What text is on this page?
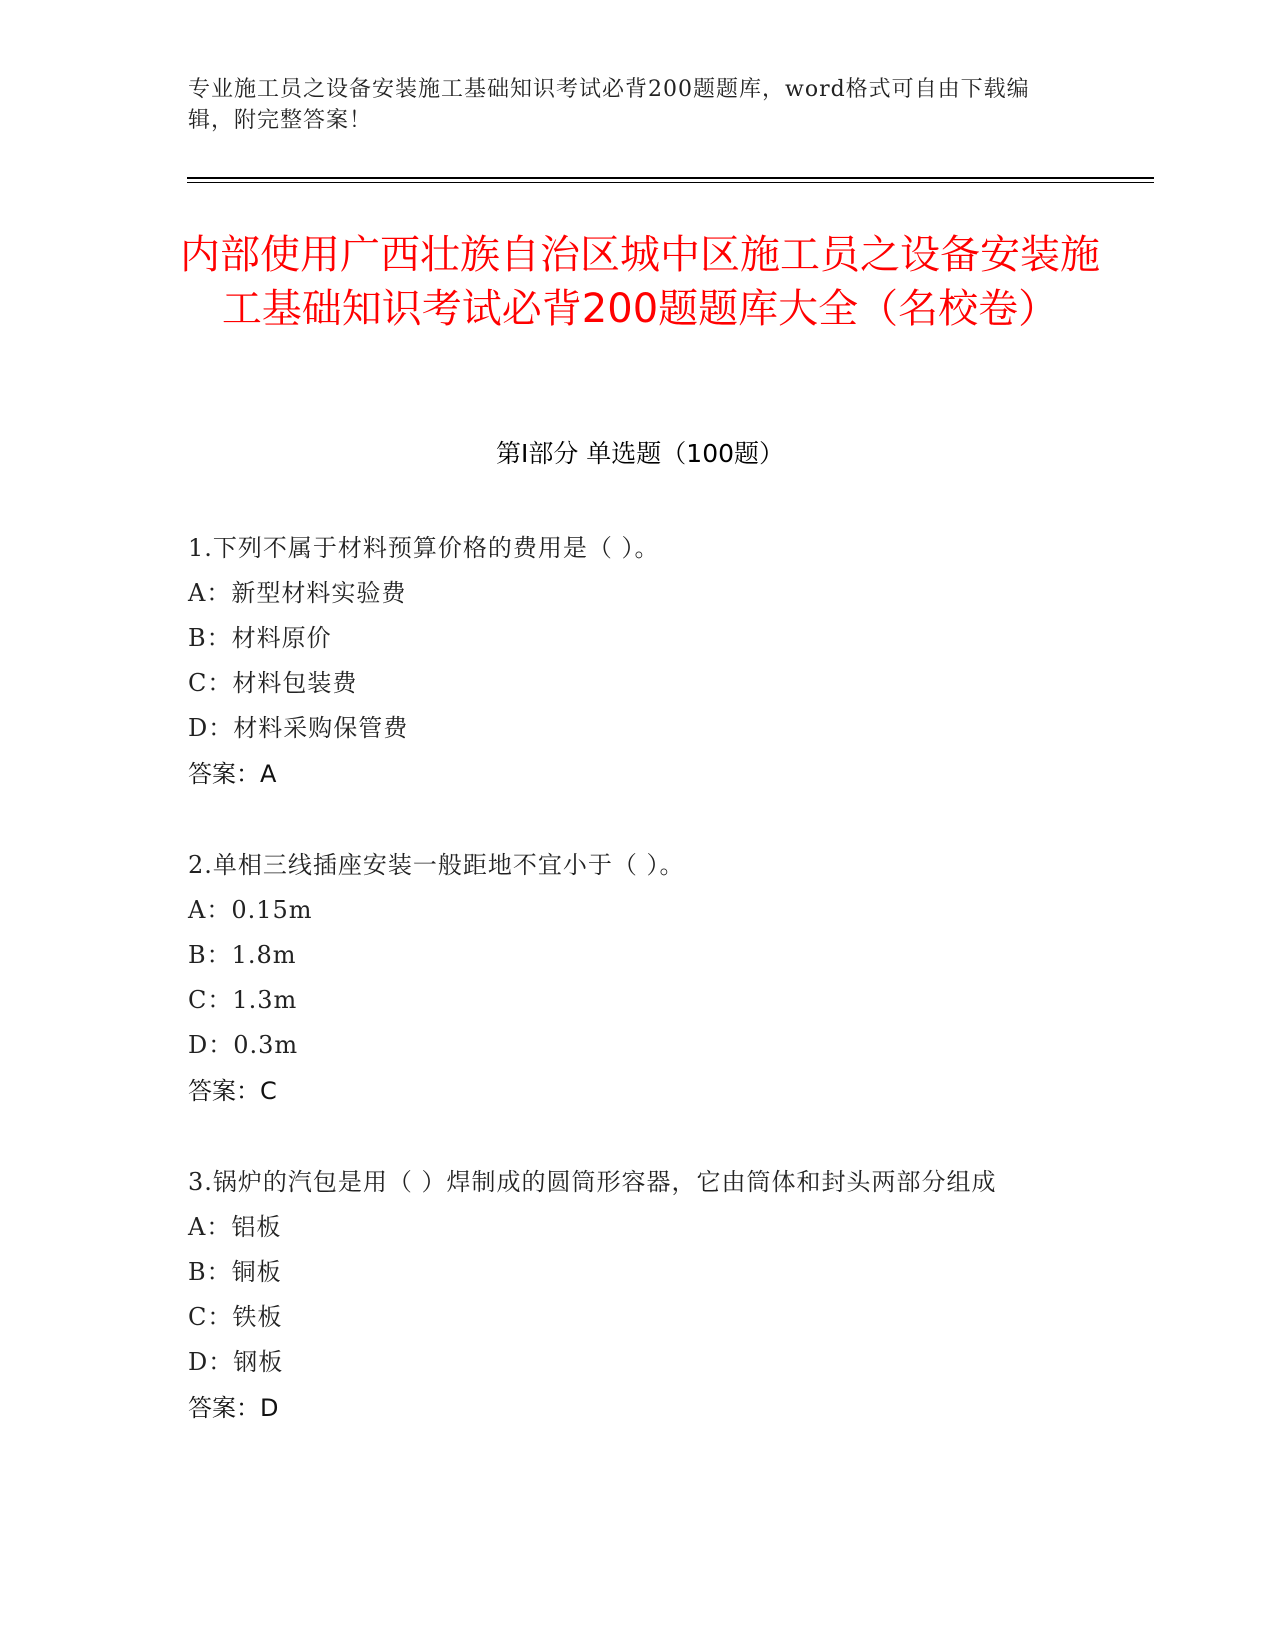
专业施工员之设备安装施工基础知识考试必背200题题库，word格式可自由下载编辑，附完整答案！
内部使用广西壮族自治区城中区施工员之设备安装施工基础知识考试必背200题题库大全（名校卷）
第Ⅰ部分 单选题（100题）
1.下列不属于材料预算价格的费用是（ ）。
A：新型材料实验费
B：材料原价
C：材料包装费
D：材料采购保管费
答案：A
2.单相三线插座安装一般距地不宜小于（ ）。
A：0.15m
B：1.8m
C：1.3m
D：0.3m
答案：C
3.锅炉的汽包是用（ ）焊制成的圆筒形容器，它由筒体和封头两部分组成
A：铝板
B：铜板
C：铁板
D：钢板
答案：D
